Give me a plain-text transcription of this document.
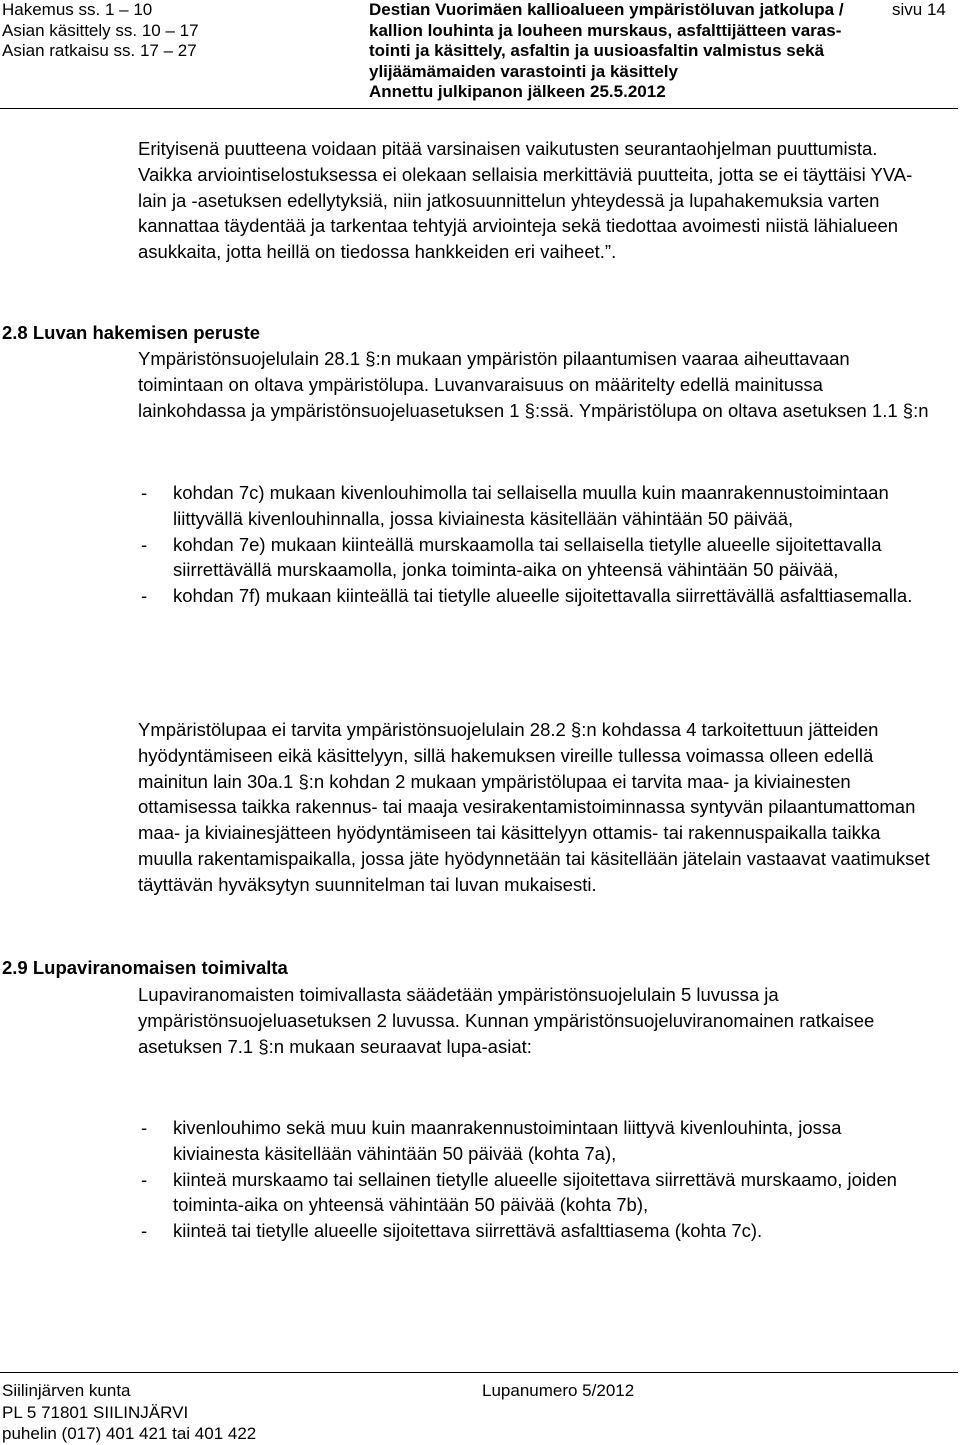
Hakemus ss. 1 – 10
Asian käsittely ss. 10 – 17
Asian ratkaisu ss. 17 – 27
Destian Vuorimäen kallioalueen ympäristöluvan jatkolupa /
kallion louhinta ja louheen murskaus, asfalttijätteen varas-
tointi ja käsittely, asfaltin ja uusioasfaltin valmistus sekä
ylijäämämaiden varastointi ja käsittely
Annettu julkipanon jälkeen 25.5.2012
sivu 14

Erityisenä puutteena voidaan pitää varsinaisen vaikutusten seurantaohjelman puuttumista. Vaikka arviointiselostuksessa ei olekaan sellaisia merkittäviä puutteita, jotta se ei täyttäisi YVA-lain ja -asetuksen edellytyksiä, niin jatkosuunnittelun yhteydessä ja lupahakemuksia varten kannattaa täydentää ja tarkentaa tehtyjä arviointeja sekä tiedottaa avoimesti niistä lähialueen asukkaita, jotta heillä on tiedossa hankkeiden eri vaiheet.”.

2.8 Luvan hakemisen peruste

Ympäristönsuojelulain 28.1 §:n mukaan ympäristön pilaantumisen vaaraa aiheuttavaan toimintaan on oltava ympäristölupa. Luvanvaraisuus on määritelty edellä mainitussa lainkohdassa ja ympäristönsuojeluasetuksen 1 §:ssä. Ympäristölupa on oltava asetuksen 1.1 §:n

- kohdan 7c) mukaan kivenlouhimolla tai sellaisella muulla kuin maanrakennustoimintaan liittyvällä kivenlouhinnalla, jossa kiviainesta käsitellään vähintään 50 päivää,
- kohdan 7e) mukaan kiinteällä murskaamolla tai sellaisella tietylle alueelle sijoitettavalla siirrettävällä murskaamolla, jonka toiminta-aika on yhteensä vähintään 50 päivää,
- kohdan 7f) mukaan kiinteällä tai tietylle alueelle sijoitettavalla siirrettävällä asfalttiasemalla.

Ympäristölupaa ei tarvita ympäristönsuojelulain 28.2 §:n kohdassa 4 tarkoitettuun jätteiden hyödyntämiseen eikä käsittelyyn, sillä hakemuksen vireille tullessa voimassa olleen edellä mainitun lain 30a.1 §:n kohdan 2 mukaan ympäristölupaa ei tarvita maa- ja kiviainesten ottamisessa taikka rakennus- tai maaja vesirakentamistoiminnassa syntyvän pilaantumattoman maa- ja kiviainesjätteen hyödyntämiseen tai käsittelyyn ottamis- tai rakennuspaikalla taikka muulla rakentamispaikalla, jossa jäte hyödynnetään tai käsitellään jätelain vastaavat vaatimukset täyttävän hyväksytyn suunnitelman tai luvan mukaisesti.

2.9 Lupaviranomaisen toimivalta

Lupaviranomaisten toimivallasta säädetään ympäristönsuojelulain 5 luvussa ja ympäristönsuojeluasetuksen 2 luvussa. Kunnan ympäristönsuojeluviranomainen ratkaisee asetuksen 7.1 §:n mukaan seuraavat lupa-asiat:

- kivenlouhimo sekä muu kuin maanrakennustoimintaan liittyvä kivenlouhinta, jossa kiviainesta käsitellään vähintään 50 päivää (kohta 7a),
- kiinteä murskaamo tai sellainen tietylle alueelle sijoitettava siirrettävä murskaamo, joiden toiminta-aika on yhteensä vähintään 50 päivää (kohta 7b),
- kiinteä tai tietylle alueelle sijoitettava siirrettävä asfalttiasema (kohta 7c).
Siilinjärven kunta
PL 5 71801 SIILINJÄRVI
puhelin (017) 401 421 tai 401 422
Lupanumero 5/2012
